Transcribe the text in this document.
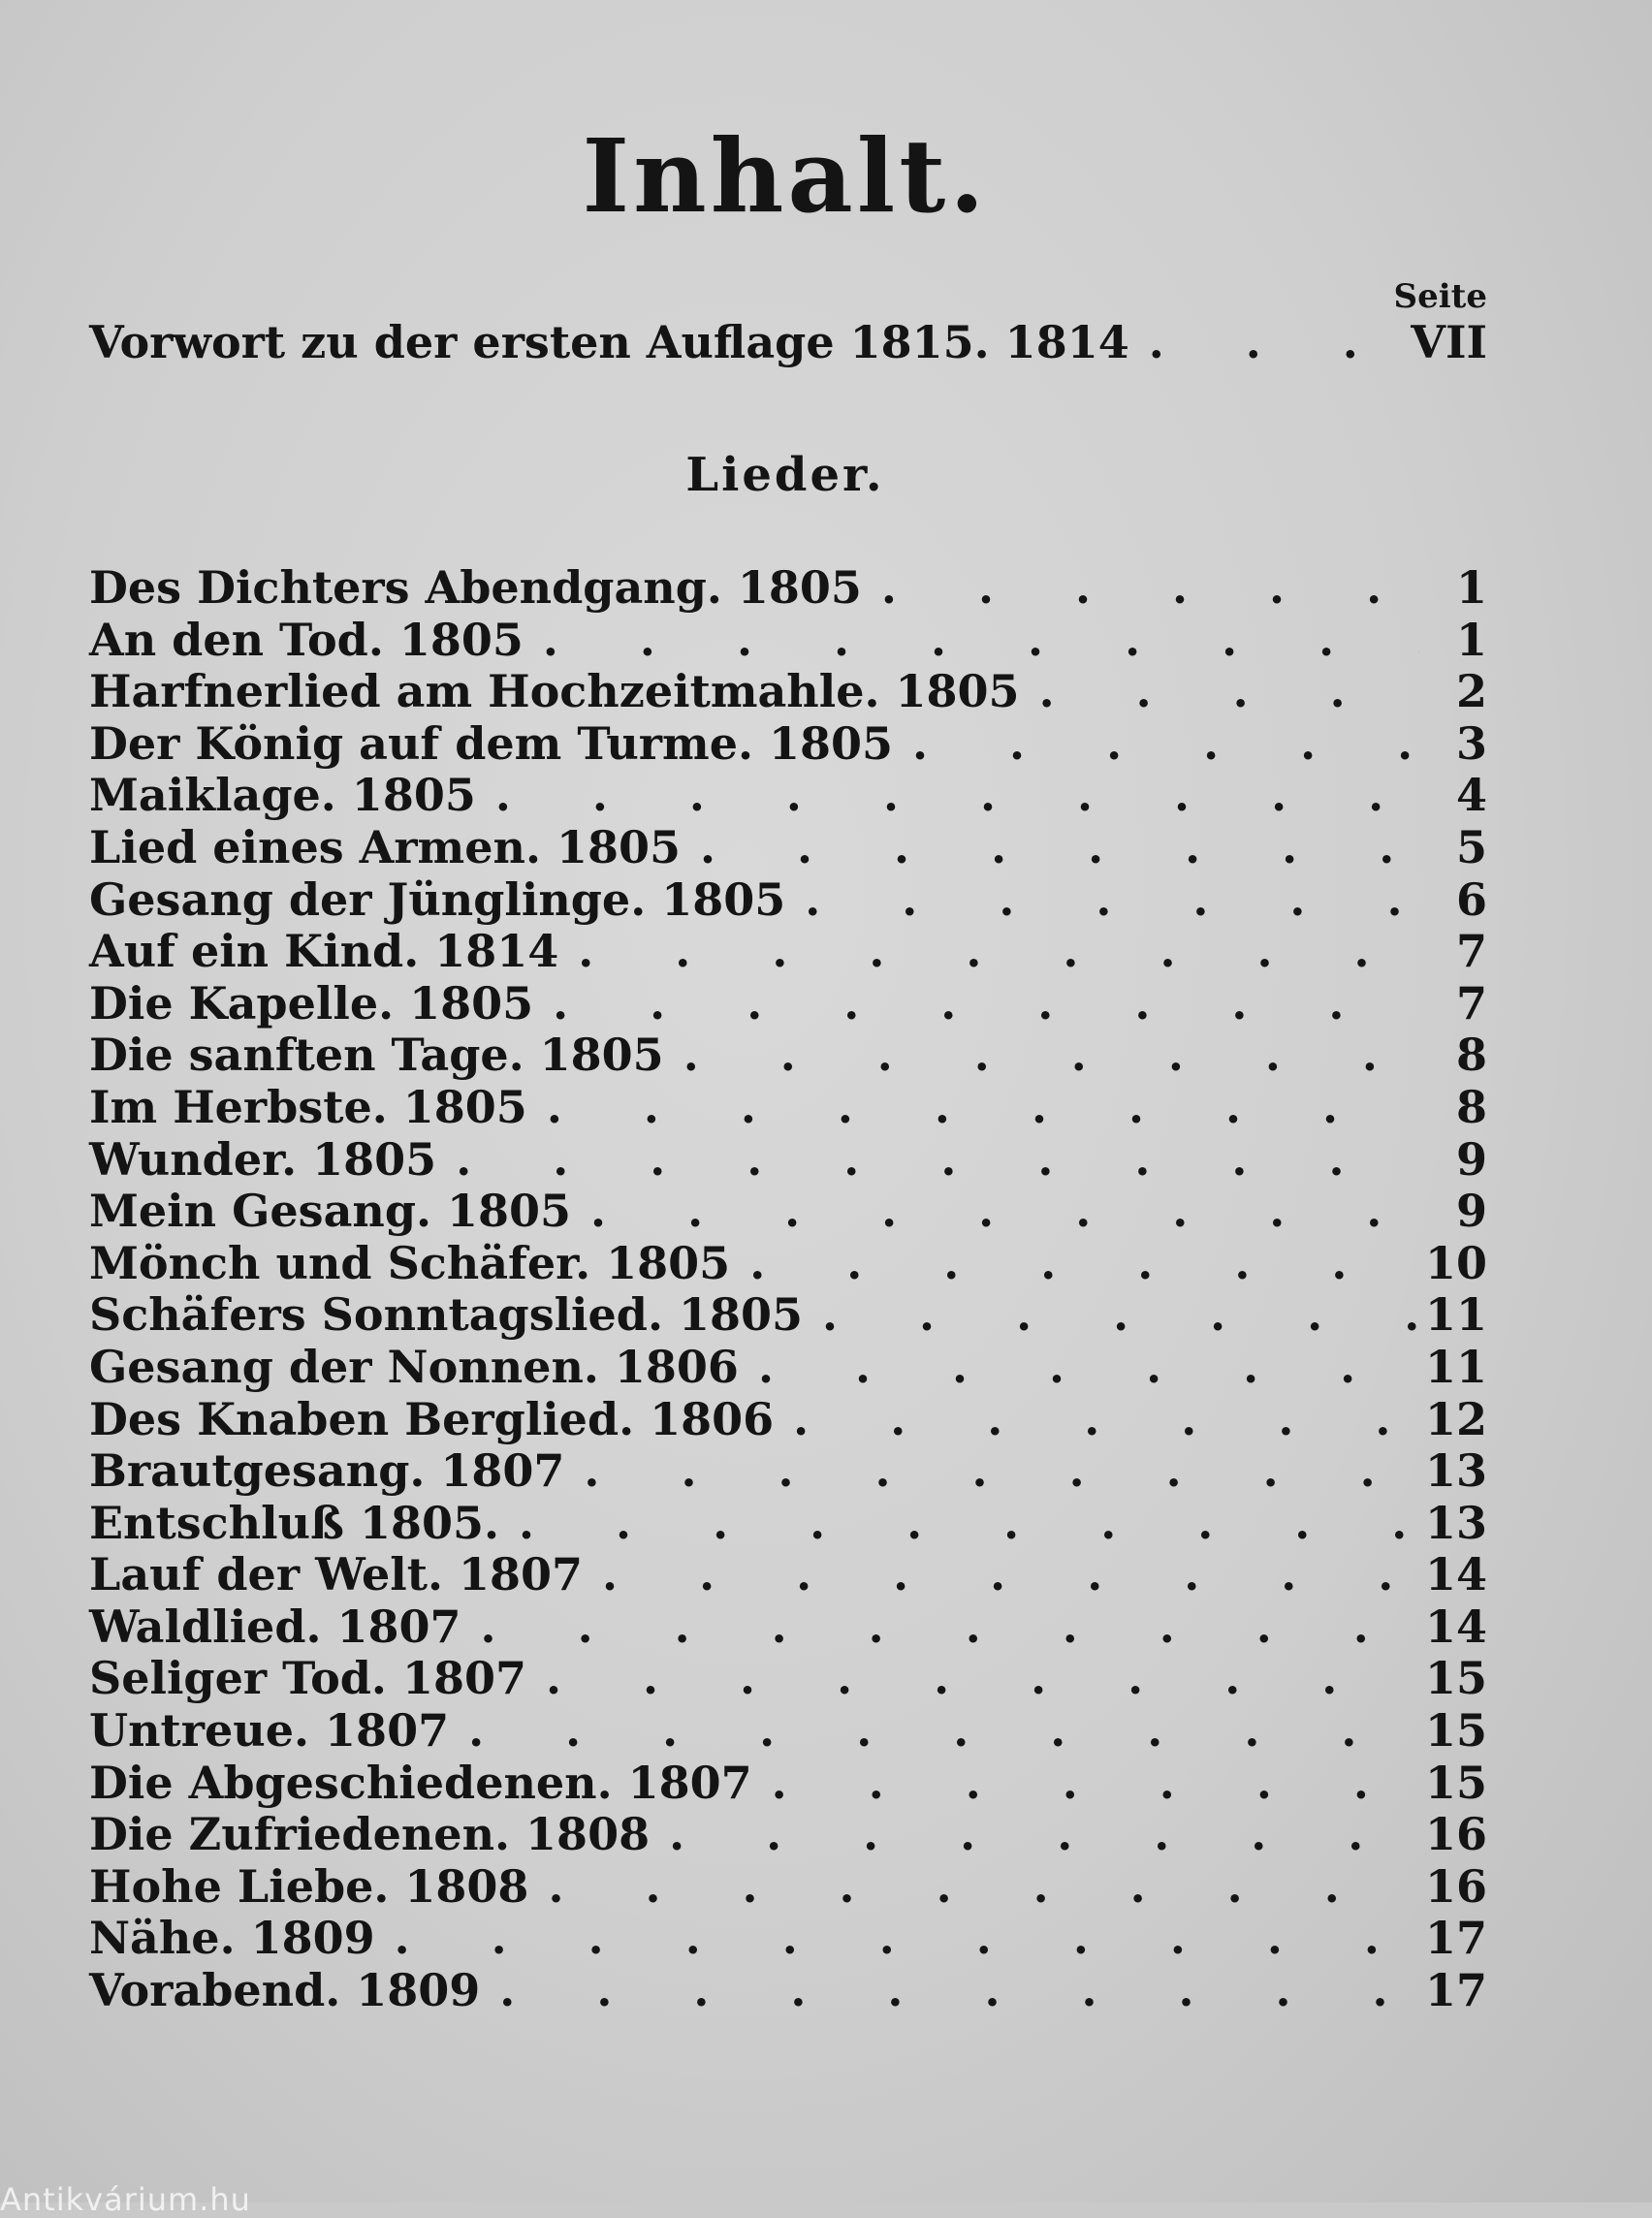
Inhalt.
Seite
Vorwort zu der ersten Auflage 1815. 1814 . . .	VII
Lieder.
Des Dichters Abendgang. 1805 . . .	1
An den Tod. 1805 . . .	1
Harfnerlied am Hochzeitmahle. 1805 . . .	2
Der König auf dem Turme. 1805 . . .	3
Maiklage. 1805 . . .	4
Lied eines Armen. 1805 . . .	5
Gesang der Jünglinge. 1805 . . .	6
Auf ein Kind. 1814 . . .	7
Die Kapelle. 1805 . . .	7
Die sanften Tage. 1805 . . .	8
Im Herbste. 1805 . . .	8
Wunder. 1805 . . .	9
Mein Gesang. 1805 . . .	9
Mönch und Schäfer. 1805 . . .	10
Schäfers Sonntagslied. 1805 . . .	11
Gesang der Nonnen. 1806 . . .	11
Des Knaben Berglied. 1806 . . .	12
Brautgesang. 1807 . . .	13
Entschluß 1805. . . .	13
Lauf der Welt. 1807 . . .	14
Waldlied. 1807 . . .	14
Seliger Tod. 1807 . . .	15
Untreue. 1807 . . .	15
Die Abgeschiedenen. 1807 . . .	15
Die Zufriedenen. 1808 . . .	16
Hohe Liebe. 1808 . . .	16
Nähe. 1809 . . .	17
Vorabend. 1809 . . .	17
Antikvárium.hu
